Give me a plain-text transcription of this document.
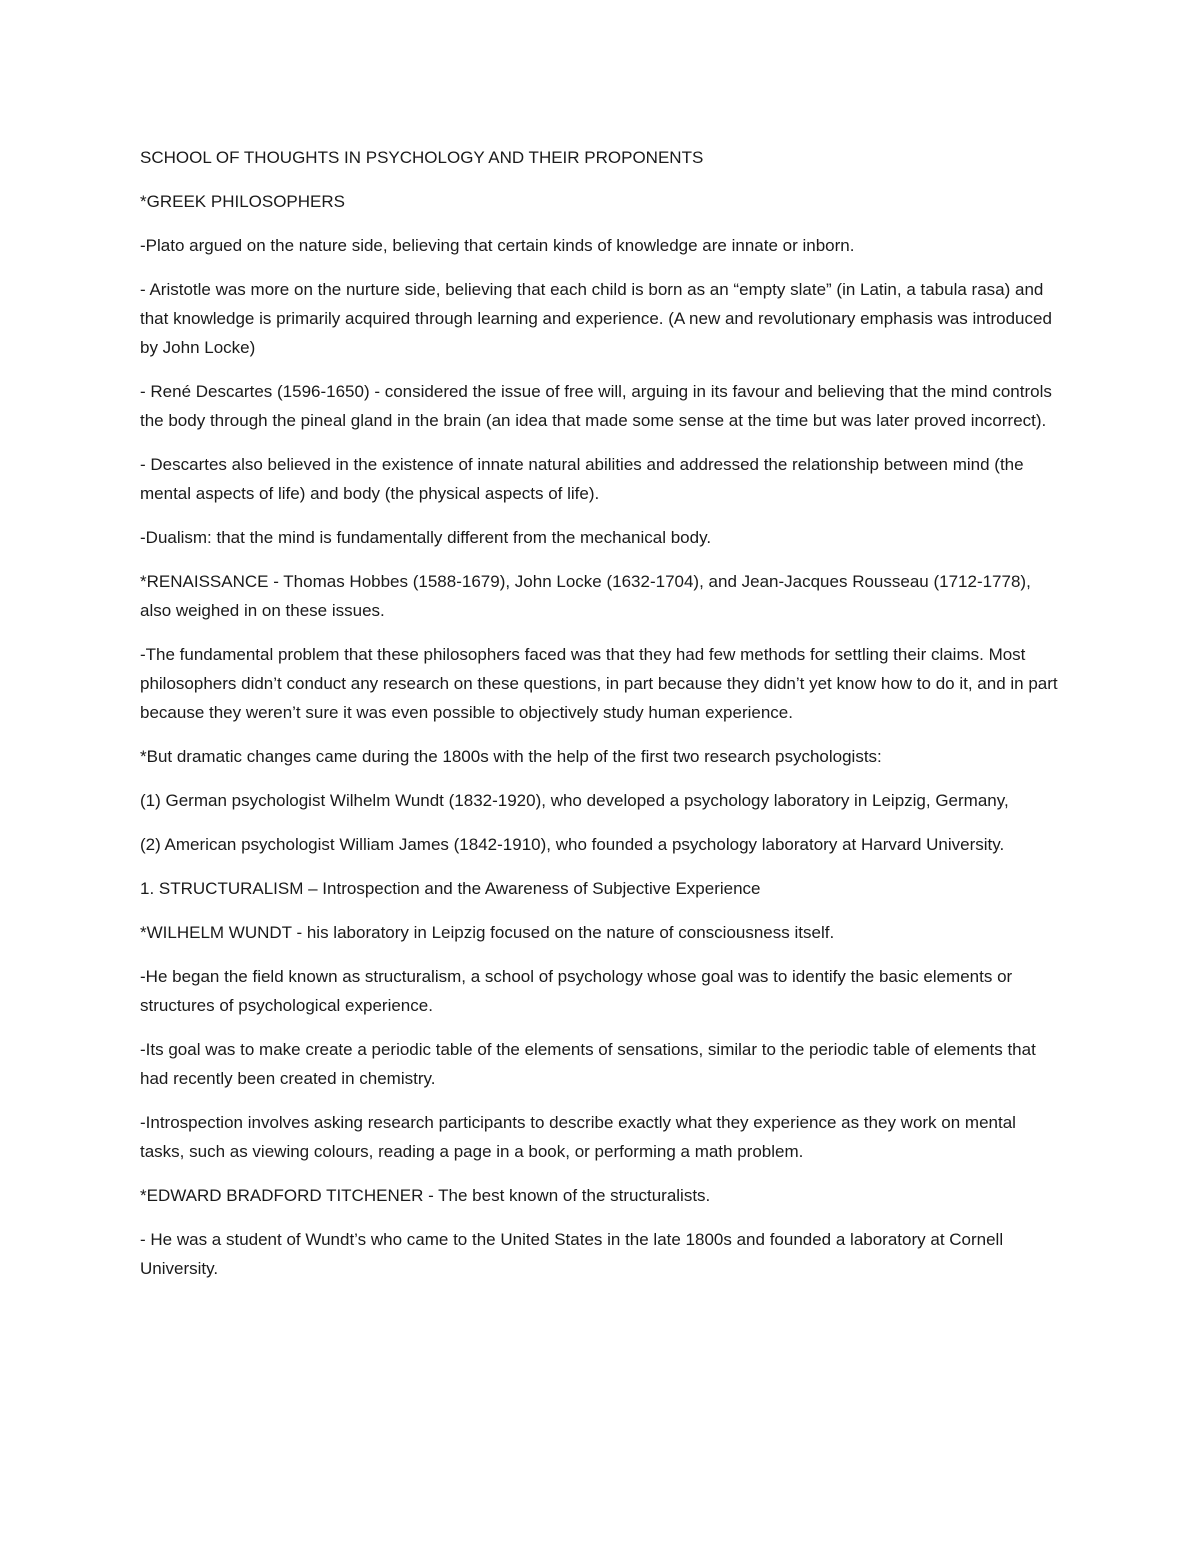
SCHOOL OF THOUGHTS IN PSYCHOLOGY AND THEIR PROPONENTS

*GREEK PHILOSOPHERS

-Plato argued on the nature side, believing that certain kinds of knowledge are innate or inborn.

- Aristotle was more on the nurture side, believing that each child is born as an “empty slate” (in Latin, a tabula rasa) and that knowledge is primarily acquired through learning and experience. (A new and revolutionary emphasis was introduced by John Locke)

- René Descartes (1596-1650) - considered the issue of free will, arguing in its favour and believing that the mind controls the body through the pineal gland in the brain (an idea that made some sense at the time but was later proved incorrect).

- Descartes also believed in the existence of innate natural abilities and addressed the relationship between mind (the mental aspects of life) and body (the physical aspects of life).

-Dualism: that the mind is fundamentally different from the mechanical body.

*RENAISSANCE - Thomas Hobbes (1588-1679), John Locke (1632-1704), and Jean-Jacques Rousseau (1712-1778), also weighed in on these issues.

-The fundamental problem that these philosophers faced was that they had few methods for settling their claims. Most philosophers didn’t conduct any research on these questions, in part because they didn’t yet know how to do it, and in part because they weren’t sure it was even possible to objectively study human experience.

*But dramatic changes came during the 1800s with the help of the first two research psychologists:

(1) German psychologist Wilhelm Wundt (1832-1920), who developed a psychology laboratory in Leipzig, Germany,

(2) American psychologist William James (1842-1910), who founded a psychology laboratory at Harvard University.

1. STRUCTURALISM – Introspection and the Awareness of Subjective Experience

*WILHELM WUNDT - his laboratory in Leipzig focused on the nature of consciousness itself.

-He began the field known as structuralism, a school of psychology whose goal was to identify the basic elements or structures of psychological experience.

-Its goal was to make create a periodic table of the elements of sensations, similar to the periodic table of elements that had recently been created in chemistry.

-Introspection involves asking research participants to describe exactly what they experience as they work on mental tasks, such as viewing colours, reading a page in a book, or performing a math problem.

*EDWARD BRADFORD TITCHENER - The best known of the structuralists.

- He was a student of Wundt’s who came to the United States in the late 1800s and founded a laboratory at Cornell University.
